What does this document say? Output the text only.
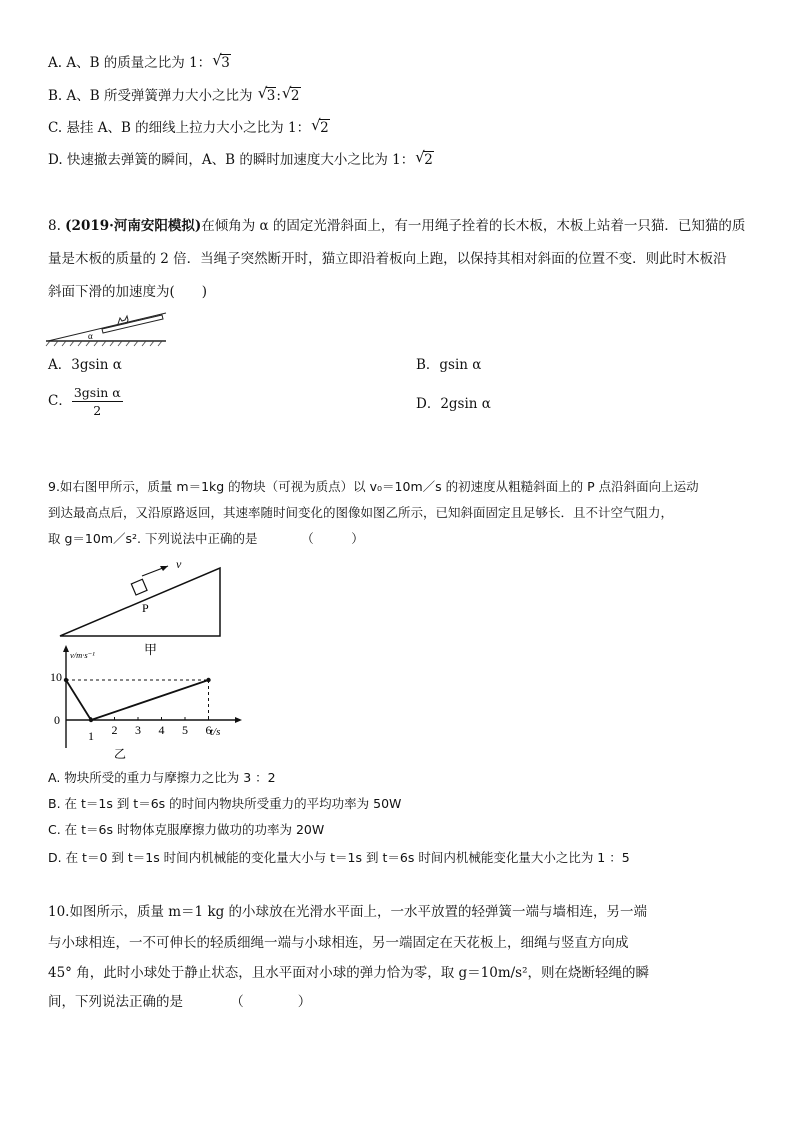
A. A、B 的质量之比为 1： √ 3
B. A、B 所受弹簧弹力大小之比为 √ 3: √ 2
C. 悬挂 A、B 的细线上拉力大小之比为 1： √ 2
D. 快速撤去弹簧的瞬间，A、B 的瞬时加速度大小之比为 1： √ 2
8. (2019·河南安阳模拟)在倾角为 α 的固定光滑斜面上，有一用绳子拴着的长木板，木板上站着一只猫．已知猫的质
量是木板的质量的 2 倍．当绳子突然断开时，猫立即沿着板向上跑，以保持其相对斜面的位置不变．则此时木板沿
斜面下滑的加速度为(　　)
α
A．3gsin α	B．gsin α
C． $\frac{\text{3gsin α}}{2}$	D．2gsin α
9.如右图甲所示，质量 m＝1kg 的物块（可视为质点）以 v₀＝10m／s 的初速度从粗糙斜面上的 P 点沿斜面向上运动
到达最高点后，又沿原路返回，其速率随时间变化的图像如图乙所示，已知斜面固定且足够长．且不计空气阻力，
取 g＝10m／s². 下列说法中正确的是　　　　（　　　）
v
P
甲
v/m·s⁻¹
t/s
10
0
1 2 3 4 5 6
乙
A. 物块所受的重力与摩擦力之比为 3 ：2
B. 在 t＝1s 到 t＝6s 的时间内物块所受重力的平均功率为 50W
C. 在 t＝6s 时物体克服摩擦力做功的功率为 20W
D. 在 t＝0 到 t＝1s 时间内机械能的变化量大小与 t＝1s 到 t＝6s 时间内机械能变化量大小之比为 1 ：5
10.如图所示，质量 m＝1 kg 的小球放在光滑水平面上，一水平放置的轻弹簧一端与墙相连，另一端
与小球相连，一不可伸长的轻质细绳一端与小球相连，另一端固定在天花板上，细绳与竖直方向成
45° 角，此时小球处于静止状态，且水平面对小球的弹力恰为零，取 g＝10m/s²，则在烧断轻绳的瞬
间，下列说法正确的是　　　　（　　　　）
